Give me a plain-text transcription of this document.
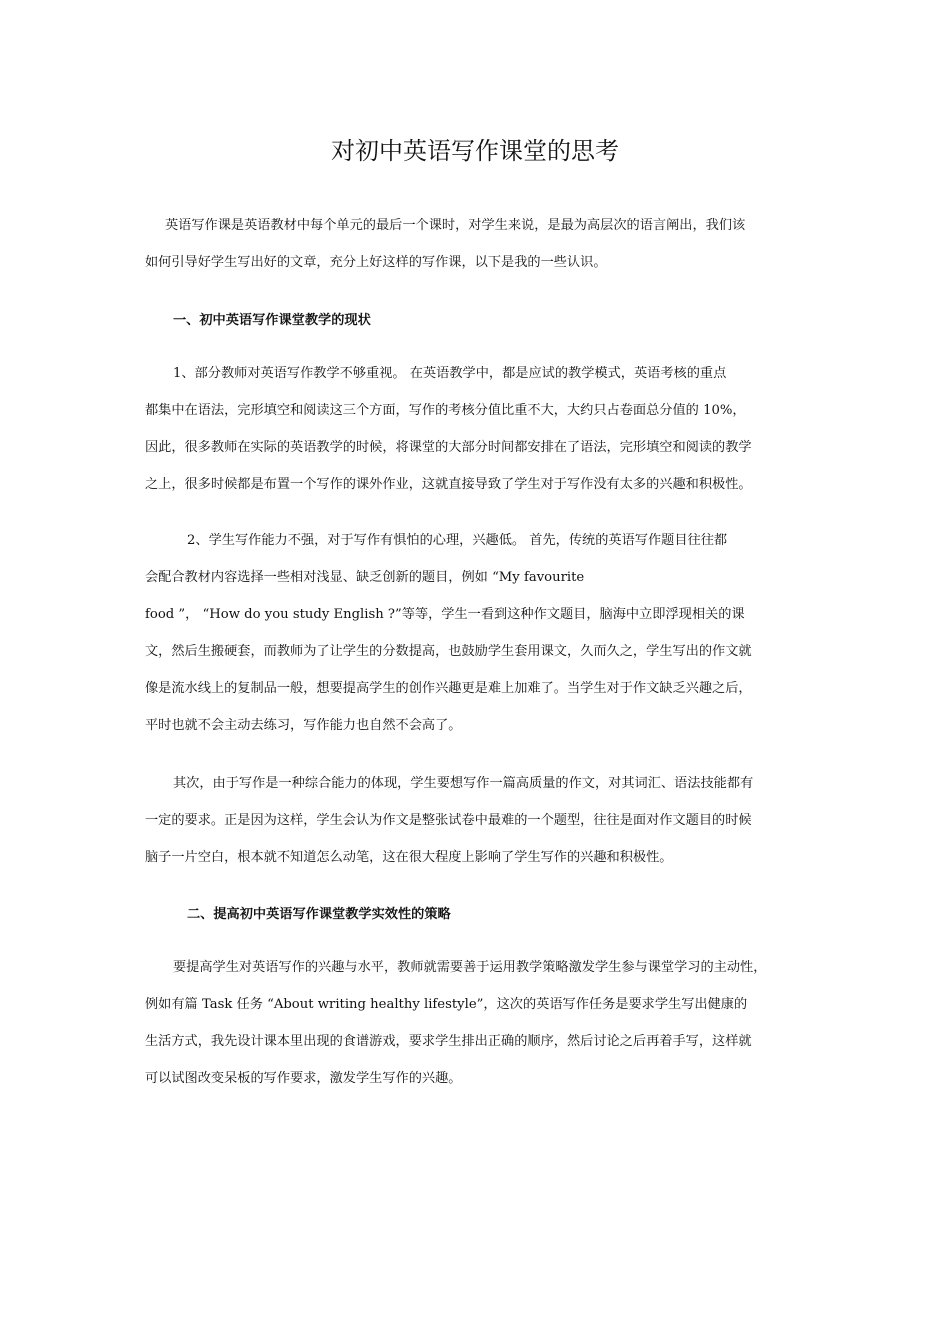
对初中英语写作课堂的思考
英语写作课是英语教材中每个单元的最后一个课时，对学生来说，是最为高层次的语言阐出，我们该
如何引导好学生写出好的文章，充分上好这样的写作课，以下是我的一些认识。
一、初中英语写作课堂教学的现状
1、部分教师对英语写作教学不够重视。 在英语教学中，都是应试的教学模式，英语考核的重点
都集中在语法，完形填空和阅读这三个方面，写作的考核分值比重不大，大约只占卷面总分值的 10%，
因此，很多教师在实际的英语教学的时候，将课堂的大部分时间都安排在了语法，完形填空和阅读的教学
之上，很多时候都是布置一个写作的课外作业，这就直接导致了学生对于写作没有太多的兴趣和积极性。
2、学生写作能力不强，对于写作有惧怕的心理，兴趣低。 首先，传统的英语写作题目往往都
会配合教材内容选择一些相对浅显、缺乏创新的题目，例如 “My favourite
food ”， “How do you study English ?”等等，学生一看到这种作文题目，脑海中立即浮现相关的课
文，然后生搬硬套，而教师为了让学生的分数提高，也鼓励学生套用课文，久而久之，学生写出的作文就
像是流水线上的复制品一般，想要提高学生的创作兴趣更是难上加难了。当学生对于作文缺乏兴趣之后，
平时也就不会主动去练习，写作能力也自然不会高了。
其次，由于写作是一种综合能力的体现，学生要想写作一篇高质量的作文，对其词汇、语法技能都有
一定的要求。正是因为这样，学生会认为作文是整张试卷中最难的一个题型，往往是面对作文题目的时候
脑子一片空白，根本就不知道怎么动笔，这在很大程度上影响了学生写作的兴趣和积极性。
二、提高初中英语写作课堂教学实效性的策略
要提高学生对英语写作的兴趣与水平，教师就需要善于运用教学策略激发学生参与课堂学习的主动性，
例如有篇 Task 任务 “About writing healthy lifestyle”，这次的英语写作任务是要求学生写出健康的
生活方式，我先设计课本里出现的食谱游戏，要求学生排出正确的顺序，然后讨论之后再着手写，这样就
可以试图改变呆板的写作要求，激发学生写作的兴趣。
